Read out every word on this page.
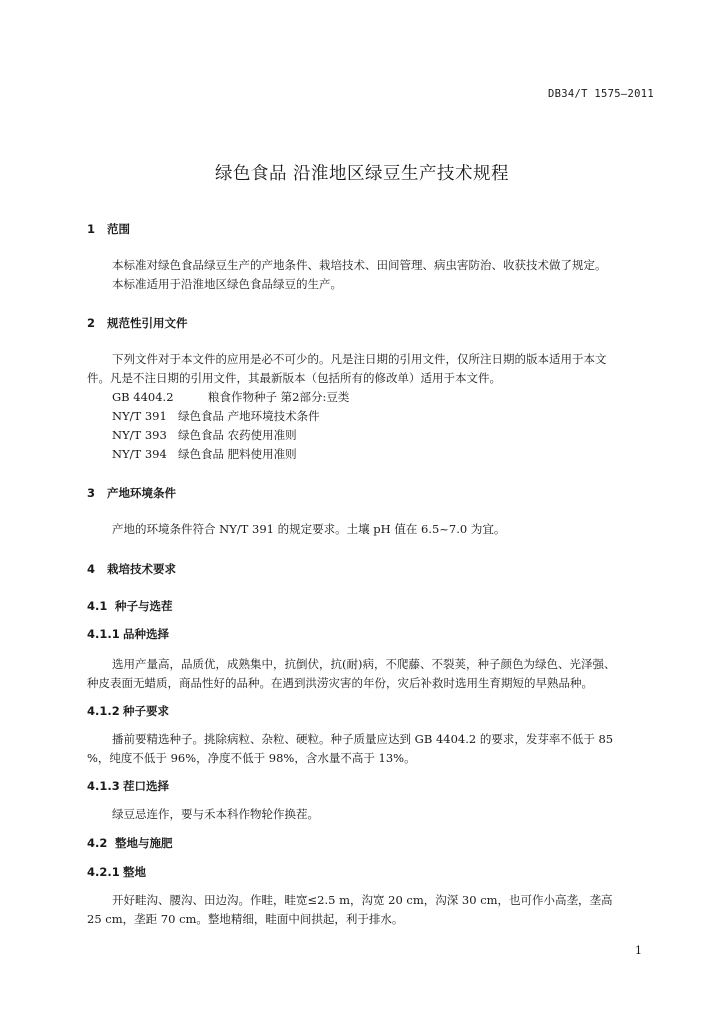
DB34/T 1575—2011
绿色食品 沿淮地区绿豆生产技术规程
1 范围
本标准对绿色食品绿豆生产的产地条件、栽培技术、田间管理、病虫害防治、收获技术做了规定。
本标准适用于沿淮地区绿色食品绿豆的生产。
2 规范性引用文件
下列文件对于本文件的应用是必不可少的。凡是注日期的引用文件，仅所注日期的版本适用于本文
件。凡是不注日期的引用文件，其最新版本（包括所有的修改单）适用于本文件。
GB 4404.2	粮食作物种子 第2部分:豆类
NY/T 391 绿色食品 产地环境技术条件
NY/T 393 绿色食品 农药使用准则
NY/T 394 绿色食品 肥料使用准则
3 产地环境条件
产地的环境条件符合 NY/T 391 的规定要求。土壤 pH 值在 6.5~7.0 为宜。
4 栽培技术要求
4.1 种子与选茬
4.1.1 品种选择
选用产量高，品质优，成熟集中，抗倒伏，抗(耐)病，不爬藤、不裂荚，种子颜色为绿色、光泽强、
种皮表面无蜡质，商品性好的品种。在遇到洪涝灾害的年份，灾后补救时选用生育期短的早熟品种。
4.1.2 种子要求
播前要精选种子。挑除病粒、杂粒、硬粒。种子质量应达到 GB 4404.2 的要求，发芽率不低于 85
%，纯度不低于 96%，净度不低于 98%，含水量不高于 13%。
4.1.3 茬口选择
绿豆忌连作，要与禾本科作物轮作换茬。
4.2 整地与施肥
4.2.1 整地
开好畦沟、腰沟、田边沟。作畦，畦宽≤2.5 m，沟宽 20 cm，沟深 30 cm，也可作小高垄，垄高
25 cm，垄距 70 cm。整地精细，畦面中间拱起，利于排水。
1
